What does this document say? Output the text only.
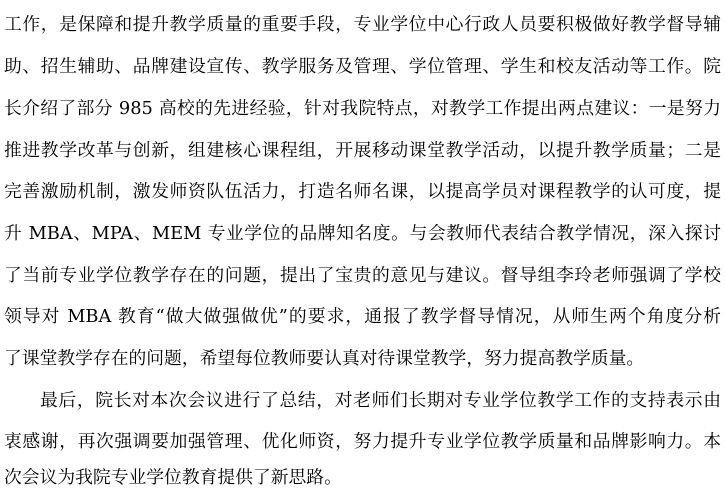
工作，是保障和提升教学质量的重要手段，专业学位中心行政人员要积极做好教学督导辅
助、招生辅助、品牌建设宣传、教学服务及管理、学位管理、学生和校友活动等工作。院
长介绍了部分 985 高校的先进经验，针对我院特点，对教学工作提出两点建议：一是努力
推进教学改革与创新，组建核心课程组，开展移动课堂教学活动，以提升教学质量；二是
完善激励机制，激发师资队伍活力，打造名师名课，以提高学员对课程教学的认可度，提
升 MBA、MPA、MEM 专业学位的品牌知名度。与会教师代表结合教学情况，深入探讨
了当前专业学位教学存在的问题，提出了宝贵的意见与建议。督导组李玲老师强调了学校
领导对 MBA 教育“做大做强做优”的要求，通报了教学督导情况，从师生两个角度分析
了课堂教学存在的问题，希望每位教师要认真对待课堂教学，努力提高教学质量。
最后，院长对本次会议进行了总结，对老师们长期对专业学位教学工作的支持表示由
衷感谢，再次强调要加强管理、优化师资，努力提升专业学位教学质量和品牌影响力。本
次会议为我院专业学位教育提供了新思路。
